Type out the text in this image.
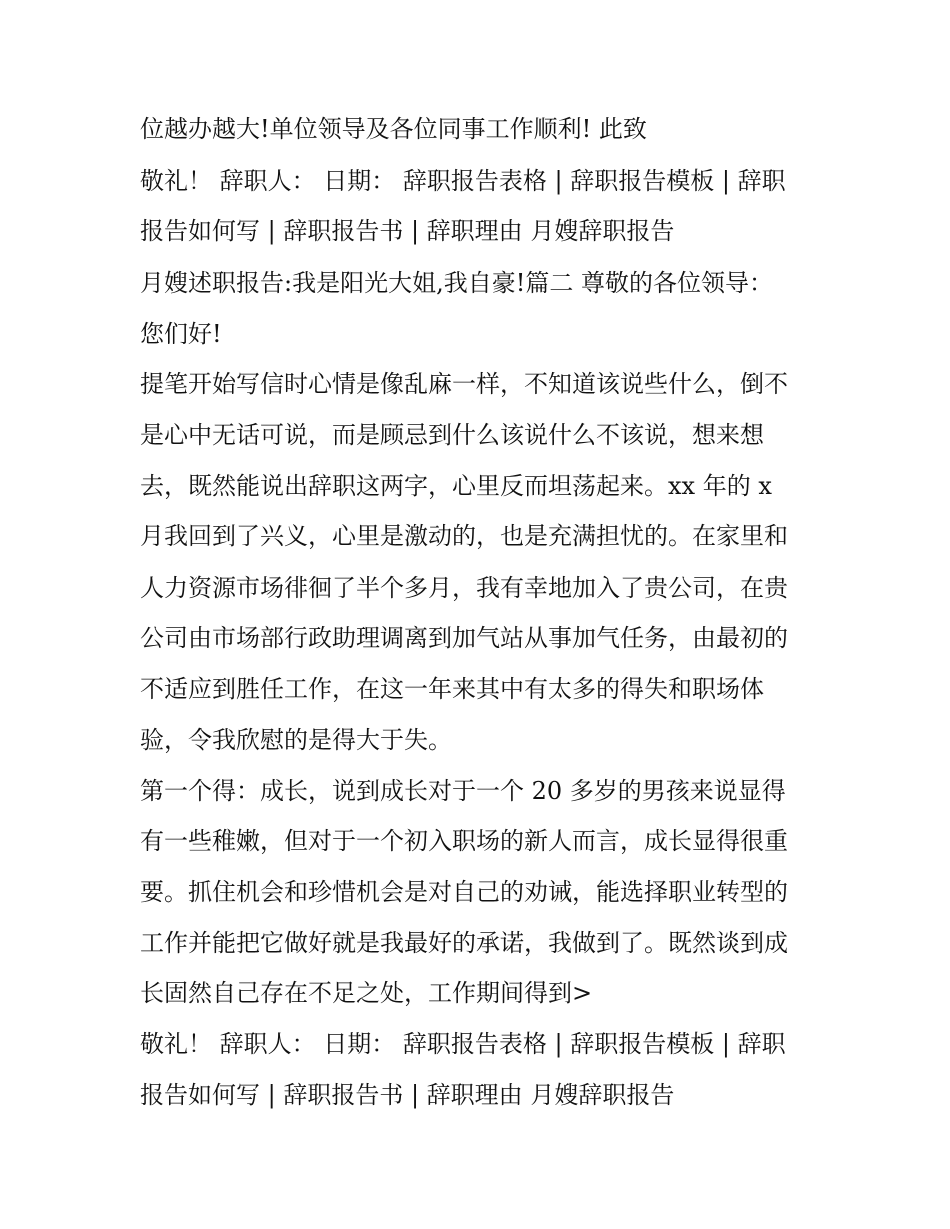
位越办越大!单位领导及各位同事工作顺利! 此致
敬礼！ 辞职人： 日期： 辞职报告表格 | 辞职报告模板 | 辞职
报告如何写 | 辞职报告书 | 辞职理由 月嫂辞职报告
月嫂述职报告:我是阳光大姐,我自豪!篇二 尊敬的各位领导：
您们好!
提笔开始写信时心情是像乱麻一样，不知道该说些什么，倒不
是心中无话可说，而是顾忌到什么该说什么不该说，想来想
去，既然能说出辞职这两字，心里反而坦荡起来。xx 年的 x
月我回到了兴义，心里是激动的，也是充满担忧的。在家里和
人力资源市场徘徊了半个多月，我有幸地加入了贵公司，在贵
公司由市场部行政助理调离到加气站从事加气任务，由最初的
不适应到胜任工作，在这一年来其中有太多的得失和职场体
验，令我欣慰的是得大于失。
第一个得：成长，说到成长对于一个 20 多岁的男孩来说显得
有一些稚嫩，但对于一个初入职场的新人而言，成长显得很重
要。抓住机会和珍惜机会是对自己的劝诫，能选择职业转型的
工作并能把它做好就是我最好的承诺，我做到了。既然谈到成
长固然自己存在不足之处，工作期间得到>
敬礼！ 辞职人： 日期： 辞职报告表格 | 辞职报告模板 | 辞职
报告如何写 | 辞职报告书 | 辞职理由 月嫂辞职报告
